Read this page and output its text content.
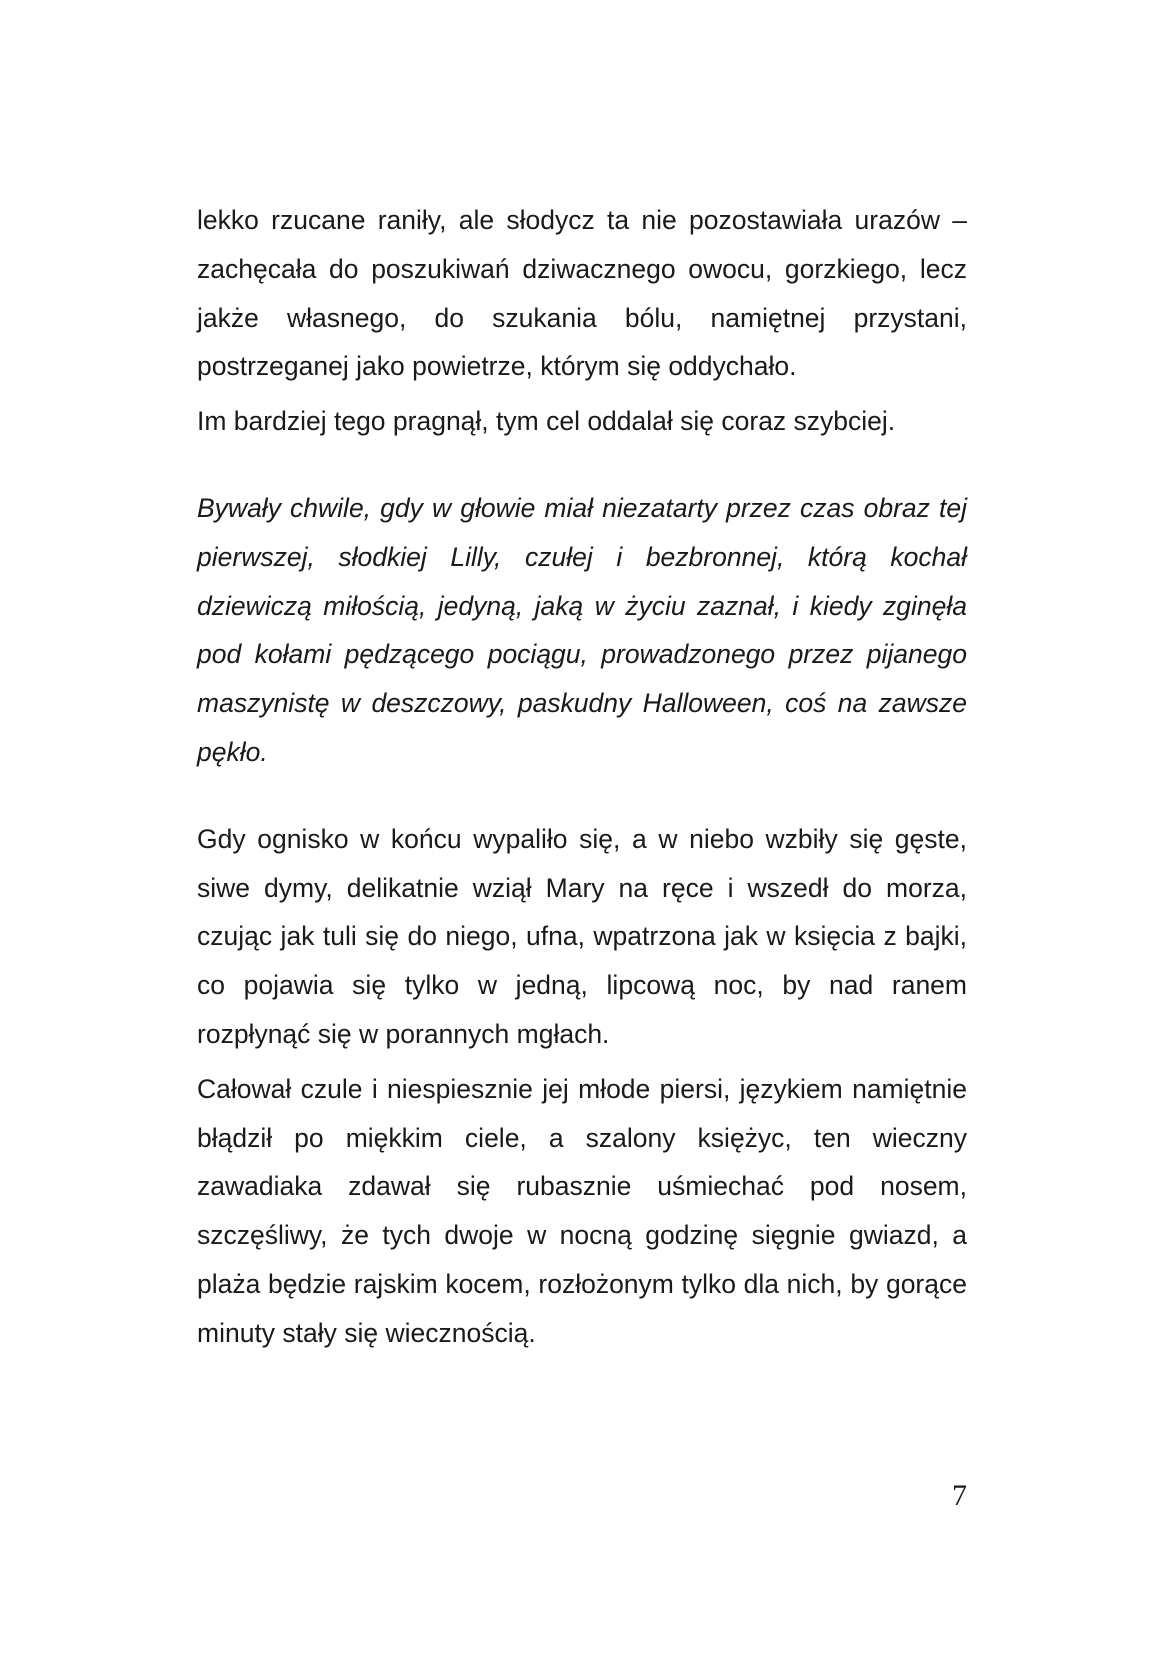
lekko rzucane raniły, ale słodycz ta nie pozostawiała urazów – zachęcała do poszukiwań dziwacznego owocu, gorzkiego, lecz jakże własnego, do szukania bólu, namiętnej przystani, postrzeganej jako powietrze, którym się oddychało.

Im bardziej tego pragnął, tym cel oddalał się coraz szybciej.

Bywały chwile, gdy w głowie miał niezatarty przez czas obraz tej pierwszej, słodkiej Lilly, czułej i bezbronnej, którą kochał dziewiczą miłością, jedyną, jaką w życiu zaznał, i kiedy zginęła pod kołami pędzącego pociągu, prowadzonego przez pijanego maszynistę w deszczowy, paskudny Halloween, coś na zawsze pękło.

Gdy ognisko w końcu wypaliło się, a w niebo wzbiły się gęste, siwe dymy, delikatnie wziął Mary na ręce i wszedł do morza, czując jak tuli się do niego, ufna, wpatrzona jak w księcia z bajki, co pojawia się tylko w jedną, lipcową noc, by nad ranem rozpłynąć się w porannych mgłach.

Całował czule i niespiesznie jej młode piersi, językiem namiętnie błądził po miękkim ciele, a szalony księżyc, ten wieczny zawadiaka zdawał się rubasznie uśmiechać pod nosem, szczęśliwy, że tych dwoje w nocną godzinę sięgnie gwiazd, a plaża będzie rajskim kocem, rozłożonym tylko dla nich, by gorące minuty stały się wiecznością.

7
